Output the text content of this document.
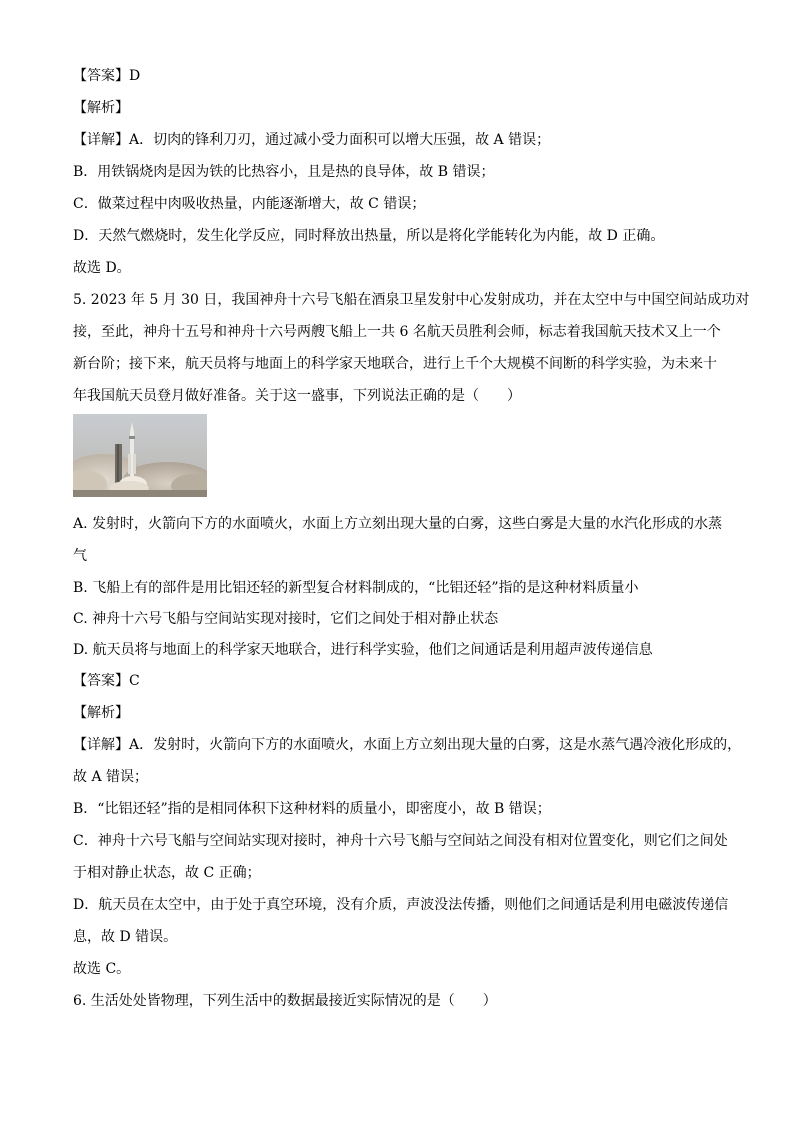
【答案】D
【解析】
【详解】A．切肉的锋利刀刃，通过减小受力面积可以增大压强，故 A 错误；
B．用铁锅烧肉是因为铁的比热容小，且是热的良导体，故 B 错误；
C．做菜过程中肉吸收热量，内能逐渐增大，故 C 错误；
D．天然气燃烧时，发生化学反应，同时释放出热量，所以是将化学能转化为内能，故 D 正确。
故选 D。
5. 2023 年 5 月 30 日，我国神舟十六号飞船在酒泉卫星发射中心发射成功，并在太空中与中国空间站成功对
接，至此，神舟十五号和神舟十六号两艘飞船上一共 6 名航天员胜利会师，标志着我国航天技术又上一个
新台阶；接下来，航天员将与地面上的科学家天地联合，进行上千个大规模不间断的科学实验，为未来十
年我国航天员登月做好准备。关于这一盛事，下列说法正确的是（　　）
A. 发射时，火箭向下方的水面喷火，水面上方立刻出现大量的白雾，这些白雾是大量的水汽化形成的水蒸
气
B. 飞船上有的部件是用比铝还轻的新型复合材料制成的，“比铝还轻”指的是这种材料质量小
C. 神舟十六号飞船与空间站实现对接时，它们之间处于相对静止状态
D. 航天员将与地面上的科学家天地联合，进行科学实验，他们之间通话是利用超声波传递信息
【答案】C
【解析】
【详解】A．发射时，火箭向下方的水面喷火，水面上方立刻出现大量的白雾，这是水蒸气遇冷液化形成的，
故 A 错误；
B．“比铝还轻”指的是相同体积下这种材料的质量小，即密度小，故 B 错误；
C．神舟十六号飞船与空间站实现对接时，神舟十六号飞船与空间站之间没有相对位置变化，则它们之间处
于相对静止状态，故 C 正确；
D．航天员在太空中，由于处于真空环境，没有介质，声波没法传播，则他们之间通话是利用电磁波传递信
息，故 D 错误。
故选 C。
6. 生活处处皆物理，下列生活中的数据最接近实际情况的是（　　）
